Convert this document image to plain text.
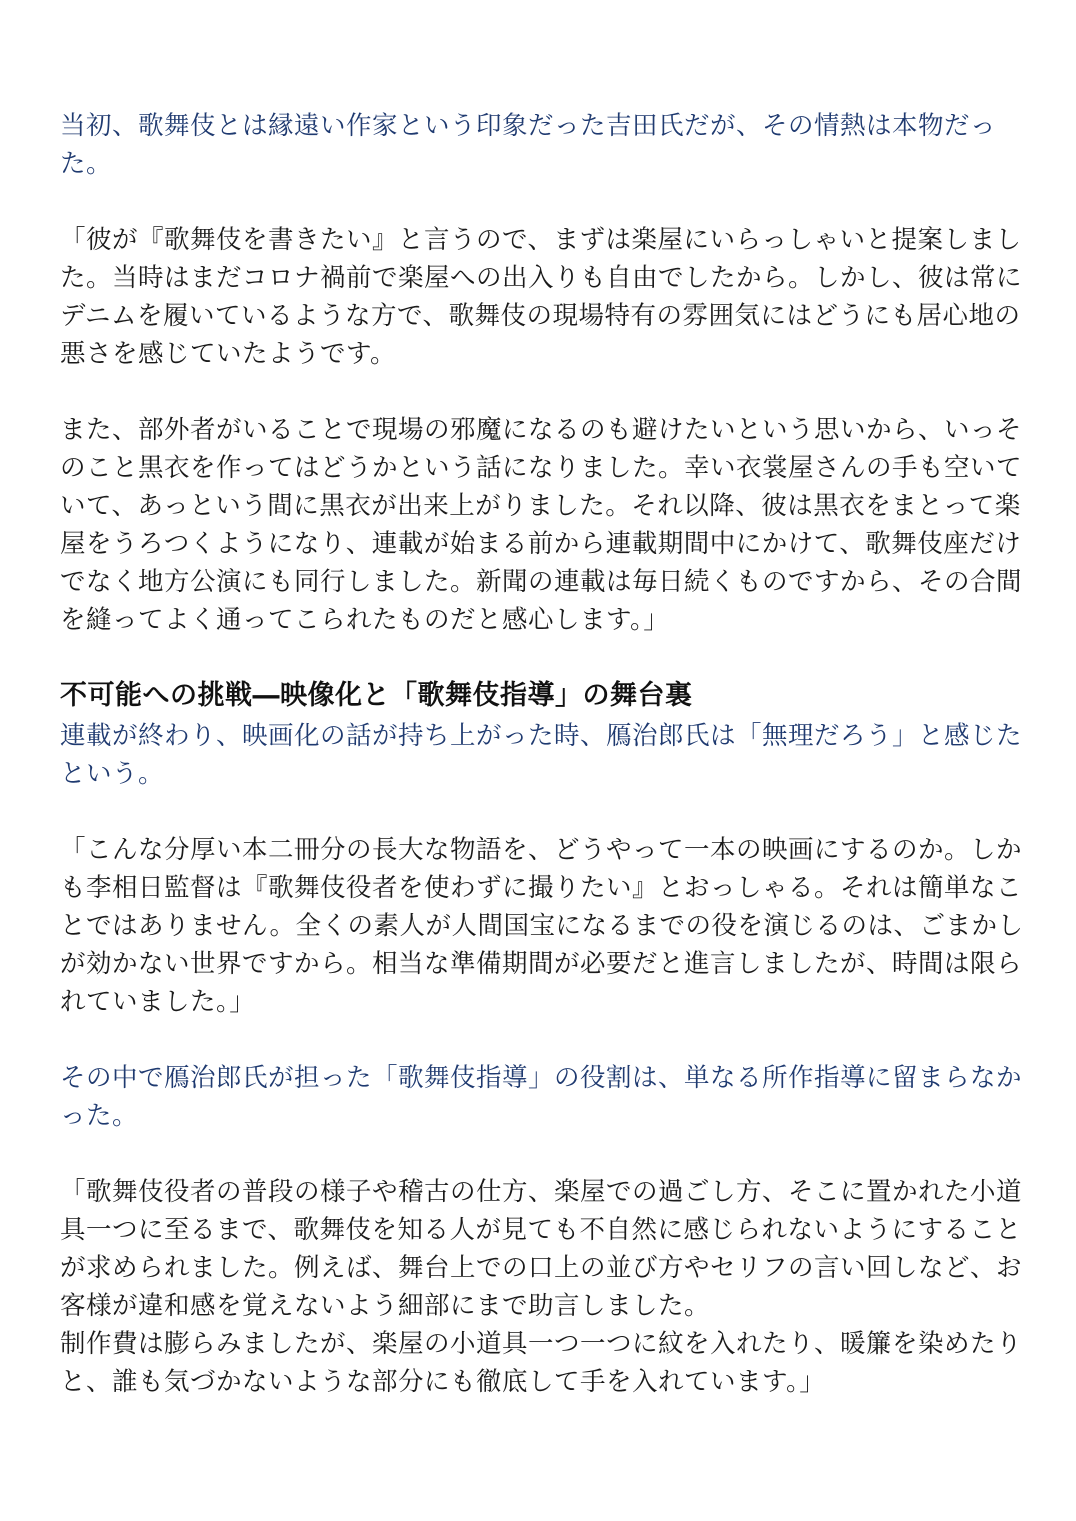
当初、歌舞伎とは縁遠い作家という印象だった吉田氏だが、その情熱は本物だった。

「彼が『歌舞伎を書きたい』と言うので、まずは楽屋にいらっしゃいと提案しました。当時はまだコロナ禍前で楽屋への出入りも自由でしたから。しかし、彼は常にデニムを履いているような方で、歌舞伎の現場特有の雰囲気にはどうにも居心地の悪さを感じていたようです。

また、部外者がいることで現場の邪魔になるのも避けたいという思いから、いっそのこと黒衣を作ってはどうかという話になりました。幸い衣裳屋さんの手も空いていて、あっという間に黒衣が出来上がりました。それ以降、彼は黒衣をまとって楽屋をうろつくようになり、連載が始まる前から連載期間中にかけて、歌舞伎座だけでなく地方公演にも同行しました。新聞の連載は毎日続くものですから、その合間を縫ってよく通ってこられたものだと感心します。」

不可能への挑戦―映像化と「歌舞伎指導」の舞台裏

連載が終わり、映画化の話が持ち上がった時、鴈治郎氏は「無理だろう」と感じたという。

「こんな分厚い本二冊分の長大な物語を、どうやって一本の映画にするのか。しかも李相日監督は『歌舞伎役者を使わずに撮りたい』とおっしゃる。それは簡単なことではありません。全くの素人が人間国宝になるまでの役を演じるのは、ごまかしが効かない世界ですから。相当な準備期間が必要だと進言しましたが、時間は限られていました。」

その中で鴈治郎氏が担った「歌舞伎指導」の役割は、単なる所作指導に留まらなかった。

「歌舞伎役者の普段の様子や稽古の仕方、楽屋での過ごし方、そこに置かれた小道具一つに至るまで、歌舞伎を知る人が見ても不自然に感じられないようにすることが求められました。例えば、舞台上での口上の並び方やセリフの言い回しなど、お客様が違和感を覚えないよう細部にまで助言しました。
制作費は膨らみましたが、楽屋の小道具一つ一つに紋を入れたり、暖簾を染めたりと、誰も気づかないような部分にも徹底して手を入れています。」
